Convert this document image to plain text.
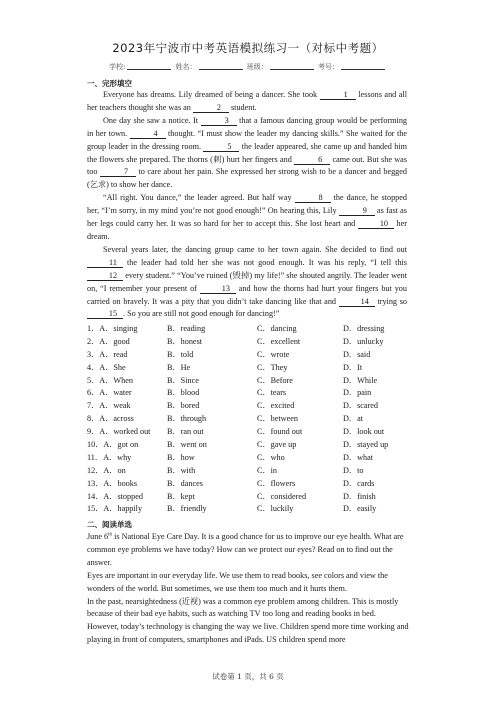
2023年宁波市中考英语模拟练习一（对标中考题）
学校:	姓名：	班级：	考号：
一、完形填空

Everyone has dreams. Lily dreamed of being a dancer. She took	1 lessons and all her teachers thought she was an	2 student.

One day she saw a notice. It	3 that a famous dancing group would be performing in her town.	4 thought. “I must show the leader my dancing skills.” She waited for the group leader in the dressing room.	5 the leader appeared, she came up and handed him the flowers she prepared. The thorns (刺) hurt her fingers and	6 came out. But she was too	7 to care about her pain. She expressed her strong wish to be a dancer and begged (乞求) to show her dance.

“All right. You dance,” the leader agreed. But half way	8 the dance, he stopped her, “I’m sorry, in my mind you’re not good enough!” On hearing this, Lily	9 as fast as her legs could carry her. It was so hard for her to accept this. She lost heart and	10 her dream.

Several years later, the dancing group came to her town again. She decided to find out 11 the leader had told her she was not good enough. It was his reply, “I tell this 12 every student.” “You’ve ruined (毁掉) my life!” she shouted angrily. The leader went on, “I remember your present of	13 and how the thorns had hurt your fingers but you carried on bravely. It was a pity that you didn’t take dancing like that and	14 trying so 15 . So you are still not good enough for dancing!”

1．A．singing	B．reading	C．dancing	D．dressing
2．A．good	B．honest	C．excellent	D．unlucky
3．A．read	B．told	C．wrote	D．said
4．A．She	B．He	C．They	D．It
5．A．When	B．Since	C．Before	D．While
6．A．water	B．blood	C．tears	D．pain
7．A．weak	B．bored	C．excited	D．scared
8．A．across	B．through	C．between	D．at
9．A．worked out B．ran out	C．found out	D．look out
10．A．got on	B．went on	C．gave up	D．stayed up
11．A．why	B．how	C．who	D．what
12．A．on	B．with	C．in	D．to
13．A．books	B．dances	C．flowers	D．cards
14．A．stopped	B．kept	C．considered	D．finish
15．A．happily	B．friendly	C．luckily	D．easily
二、阅读单选

June 6th is National Eye Care Day. It is a good chance for us to improve our eye health. What are common eye problems we have today? How can we protect our eyes? Read on to find out the answer.

Eyes are important in our everyday life. We use them to read books, see colors and view the wonders of the world. But sometimes, we use them too much and it hurts them.

In the past, nearsightedness (近视) was a common eye problem among children. This is mostly because of their bad eye habits, such as watching TV too long and reading books in bed.

However, today’s technology is changing the way we live. Children spend more time working and playing in front of computers, smartphones and iPads. US children spend more

试卷第 1 页，共 6 页
